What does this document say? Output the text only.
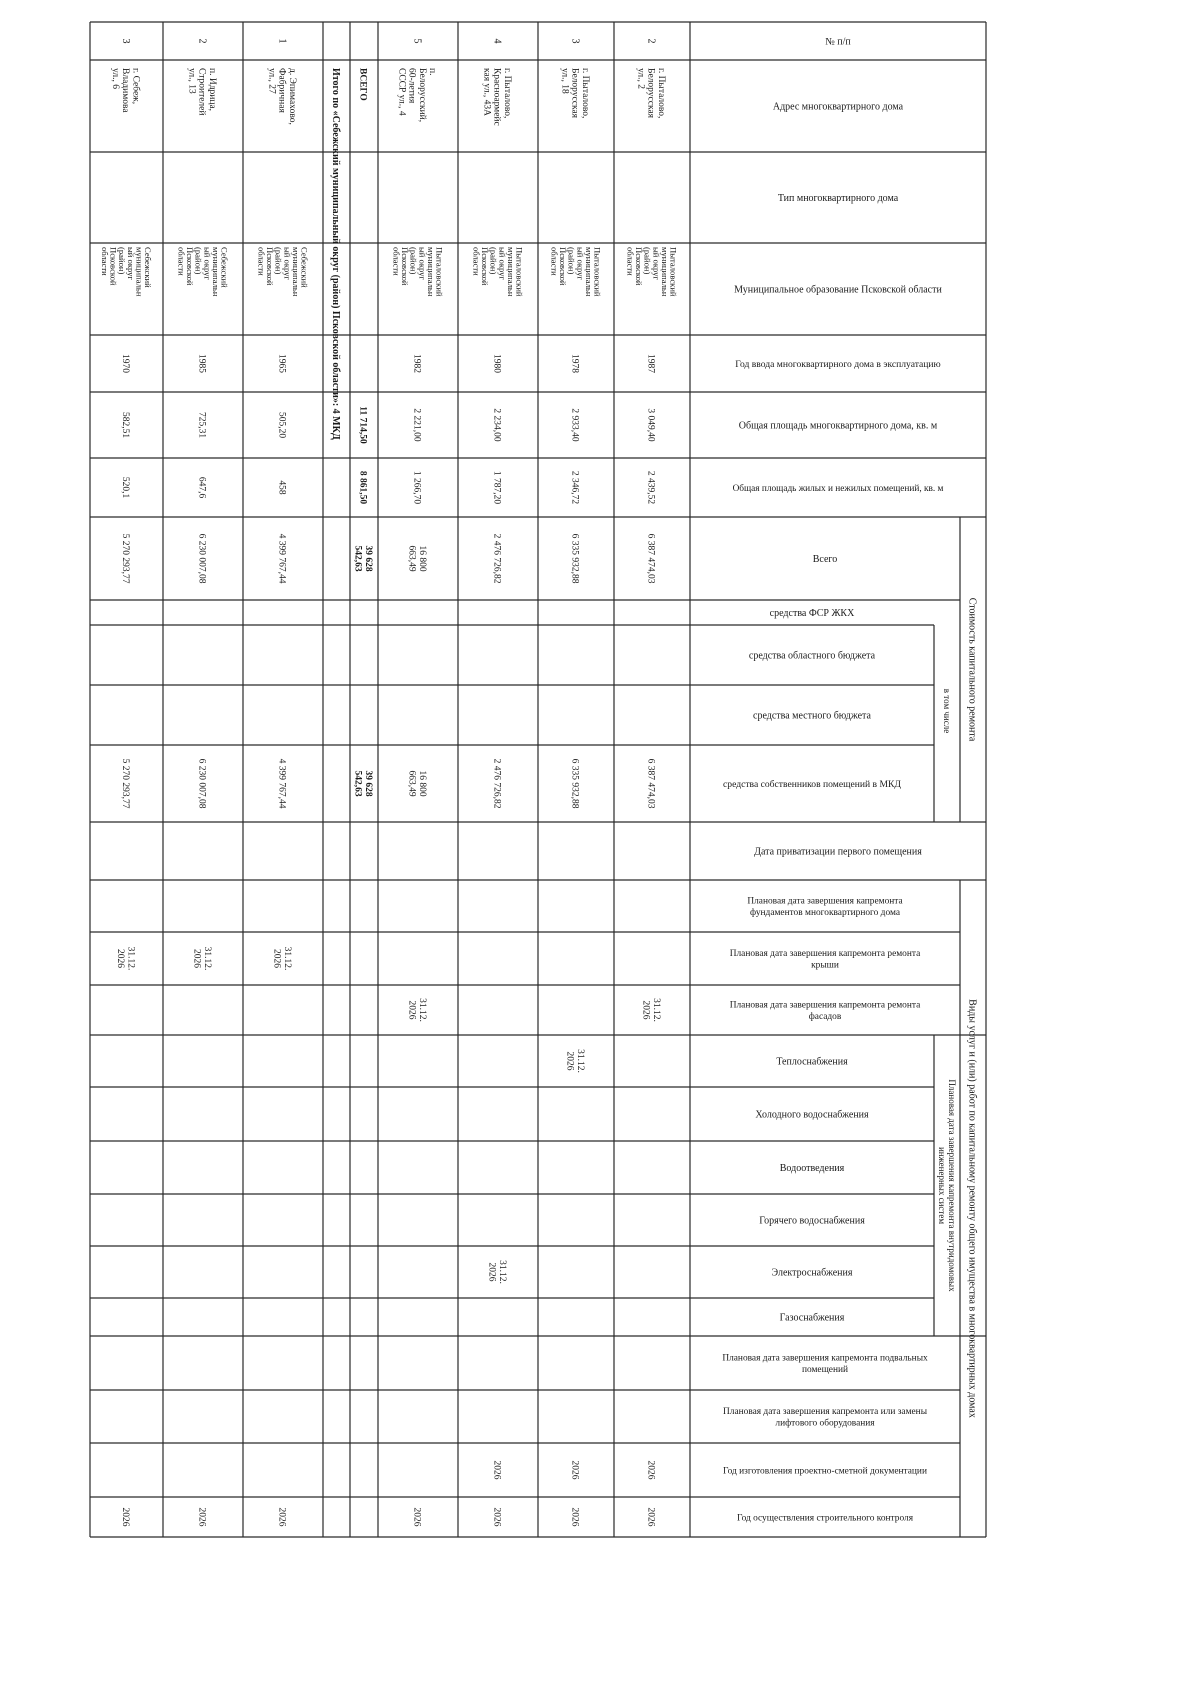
№ п/п
Адрес многоквартирного дома
Тип многоквартирного дома
Муниципальное образование Псковской области
Год ввода многоквартирного дома в эксплуатацию
Общая площадь многоквартирного дома, кв. м
Общая площадь жилых и нежилых помещений, кв. м
Всего
средства ФСР ЖКХ
средства областного бюджета
средства местного бюджета
средства собственников помещений в МКД
в том числе Стоимость капитального ремонта
Дата приватизации первого помещения
Плановая дата завершения капремонта
фундаментов многоквартирного дома
Плановая дата завершения капремонта ремонта
крыши
Плановая дата завершения капремонта ремонта
фасадов
Теплоснабжения
Холодного водоснабжения
Водоотведения
Горячего водоснабжения
Электроснабжения
Газоснабжения
Плановая дата завершения капремонта внутридомовых
инженерных систем
Плановая дата завершения капремонта подвальных
помещений
Плановая дата завершения капремонта или замены
лифтового оборудования
Год изготовления проектно-сметной документации
Год осуществления строительного контроля
Виды услуг и (или) работ по капитальному ремонту общего имущества в многоквартирных домах
2
г. Пыталово,
Белорусская
ул., 2
Пыталовский
муниципальн
ый округ
(район)
Псковской
области
1987
3 049,40
2 439,52
6 387 474,03
6 387 474,03
31.12.
2026
2026
2026
3
г. Пыталово,
Белорусская
ул., 18
Пыталовский
муниципальн
ый округ
(район)
Псковской
области
1978
2 933,40
2 346,72
6 335 932,88
6 335 932,88
31.12.
2026
2026
2026
4
г. Пыталово,
Красноармейс
кая ул., 43А
Пыталовский
муниципальн
ый округ
(район)
Псковской
области
1980
2 234,00
1 787,20
2 476 726,82
2 476 726,82
31.12.
2026
2026
2026
5
п.
Белорусский,
60-летия
СССР ул., 4
Пыталовский
муниципальн
ый округ
(район)
Псковской
области
1982
2 221,00
1 266,70
16 800
663,49
16 800
663,49
31.12.
2026
2026
ВСЕГО
11 714,50
8 861,50
39 628
542,63
39 628
542,63
Итого по «Себежский муниципальный округ (район) Псковской области»: 4 МКД
1
д. Эпимахово,
Фабричная
ул., 27
Себежский
муниципальн
ый округ
(район)
Псковской
области
1965
505,20
458
4 399 767,44
4 399 767,44
31.12.
2026
2026
2
п. Идрица,
Строителей
ул., 13
Себежский
муниципальн
ый округ
(район)
Псковской
области
1985
725,31
647,6
6 230 007,08
6 230 007,08
31.12.
2026
2026
3
г. Себеж,
Владимова
ул., 6
Себежский
муниципальн
ый округ
(район)
Псковской
области
1970
582,51
520,1
5 270 293,77
5 270 293,77
31.12.
2026
2026
